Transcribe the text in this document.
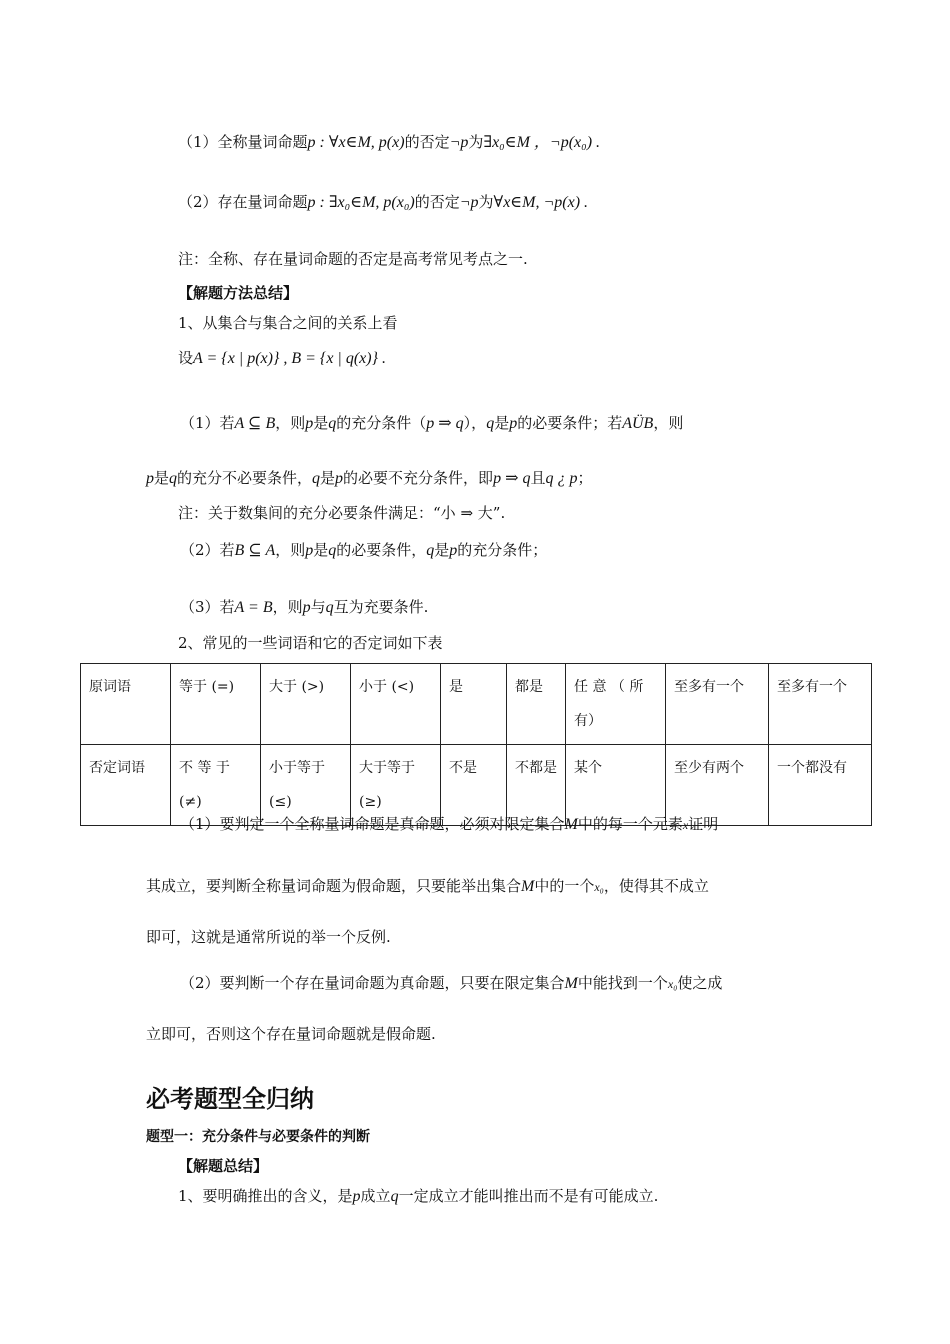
（1）全称量词命题p : ∀x∈M, p(x)的否定¬p为∃x₀∈M ，¬p(x₀) .
（2）存在量词命题p : ∃x₀∈M, p(x₀)的否定¬p为∀x∈M, ¬p(x) .
注：全称、存在量词命题的否定是高考常见考点之一.
【解题方法总结】
1、从集合与集合之间的关系上看
设A = {x | p(x)} , B = {x | q(x)} .
（1）若A ⊆ B，则p是q的充分条件（p ⇒ q），q是p的必要条件；若AÜB，则
p是q的充分不必要条件，q是p的必要不充分条件，即p ⇒ q且q ¿ p；
注：关于数集间的充分必要条件满足：“小 ⇒ 大”.
（2）若B ⊆ A，则p是q的必要条件，q是p的充分条件；
（3）若A = B，则p与q互为充要条件.
2、常见的一些词语和它的否定词如下表
原词语	等于 (=)	大于 (>)	小于 (<)	是	都是	任 意 （ 所 有）	至多有一个	至多有一个
否定词语	不 等 于 (≠)	小于等于 (≤)	大于等于 (≥)	不是	不都是	某个	至少有两个	一个都没有
（1）要判定一个全称量词命题是真命题，必须对限定集合M中的每一个元素x证明
其成立，要判断全称量词命题为假命题，只要能举出集合M中的一个x₀，使得其不成立
即可，这就是通常所说的举一个反例.
（2）要判断一个存在量词命题为真命题，只要在限定集合M中能找到一个x₀使之成
立即可，否则这个存在量词命题就是假命题.
必考题型全归纳
题型一：充分条件与必要条件的判断
【解题总结】
1、要明确推出的含义，是p成立q一定成立才能叫推出而不是有可能成立.
